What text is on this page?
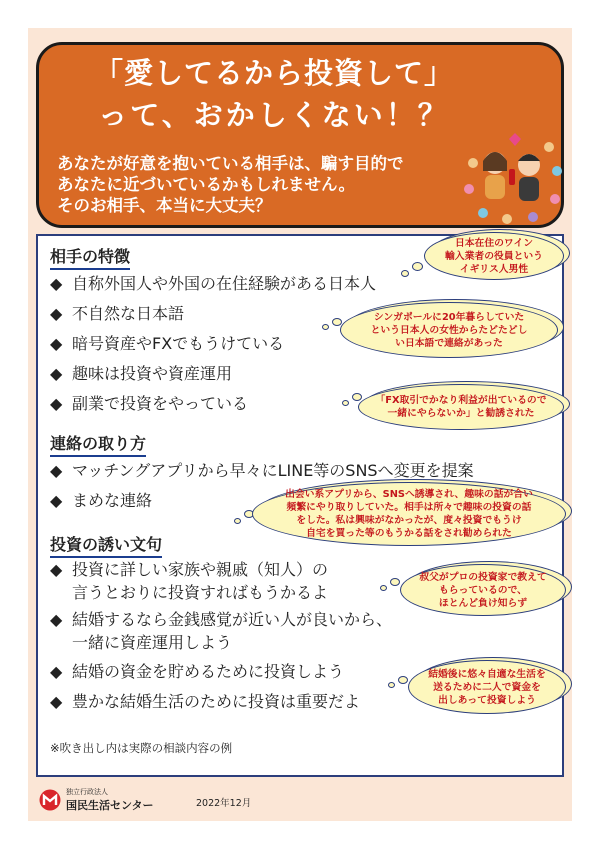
「愛してるから投資して」
って、おかしくない！？
あなたが好意を抱いている相手は、騙す目的で
あなたに近づいているかもしれません。
そのお相手、本当に大丈夫？
相手の特徴
◆ 自称外国人や外国の在住経験がある日本人
◆ 不自然な日本語
◆ 暗号資産やFXでもうけている
◆ 趣味は投資や資産運用
◆ 副業で投資をやっている
連絡の取り方
◆ マッチングアプリから早々にLINE等のSNSへ変更を提案
◆ まめな連絡
投資の誘い文句
◆ 投資に詳しい家族や親戚（知人）の
言うとおりに投資すればもうかるよ
◆ 結婚するなら金銭感覚が近い人が良いから、
一緒に資産運用しよう
◆ 結婚の資金を貯めるために投資しよう
◆ 豊かな結婚生活のために投資は重要だよ
※吹き出し内は実際の相談内容の例
日本在住のワイン
輸入業者の役員という
イギリス人男性
シンガポールに20年暮らしていた
という日本人の女性からたどたどし
い日本語で連絡があった
「FX取引でかなり利益が出ているので
一緒にやらないか」と勧誘された
出会い系アプリから、SNSへ誘導され、趣味の話が合い
頻繁にやり取りしていた。相手は所々で趣味の投資の話
をした。私は興味がなかったが、度々投資でもうけ
自宅を買った等のもうかる話をされ勧められた
叔父がプロの投資家で教えて
もらっているので、
ほとんど負け知らず
結婚後に悠々自適な生活を
送るために二人で資金を
出しあって投資しよう
独立行政法人
国民生活センター	2022年12月
